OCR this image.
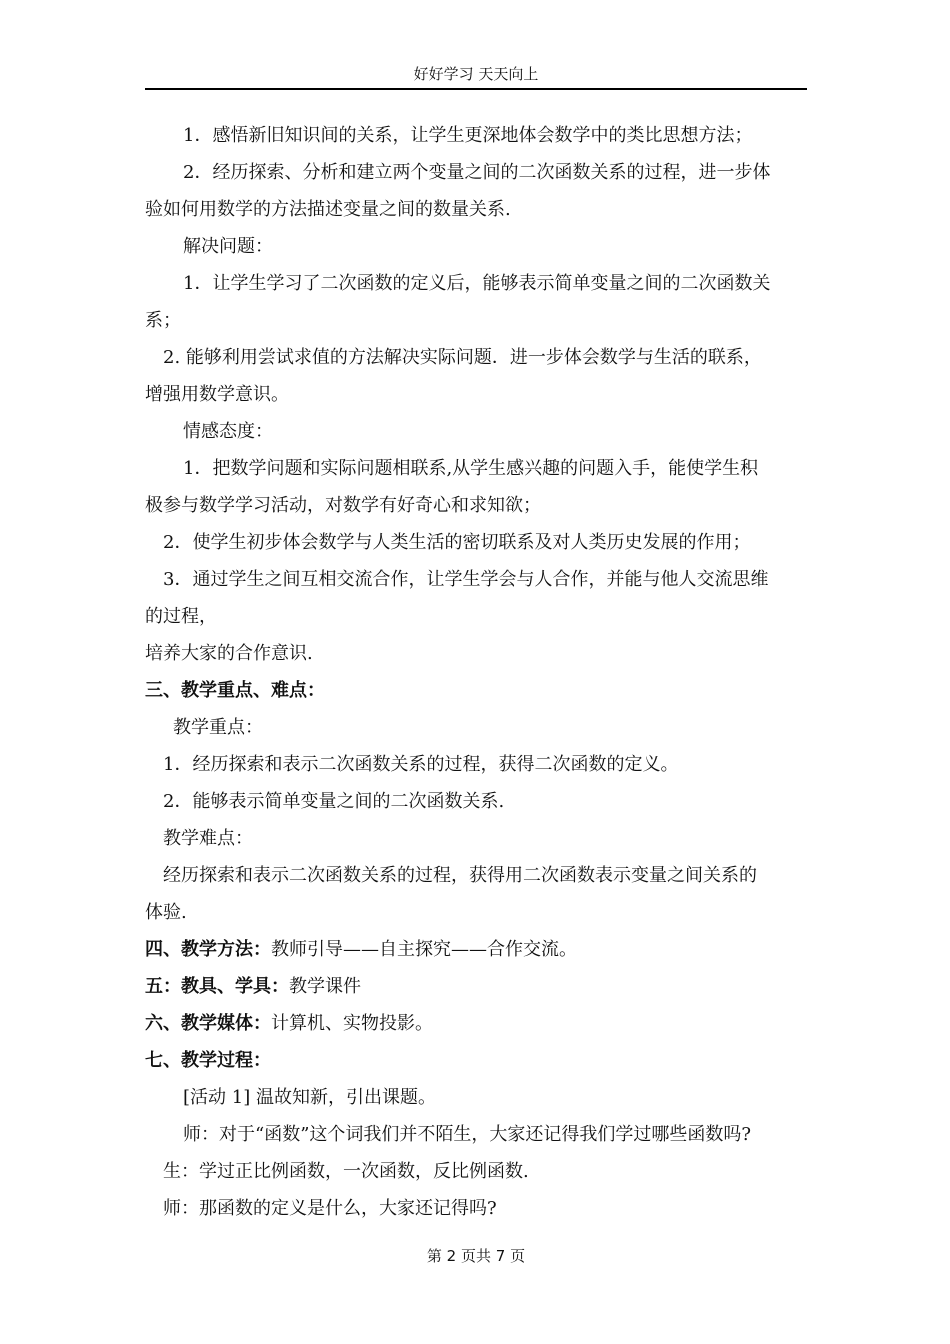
好好学习 天天向上
1．感悟新旧知识间的关系，让学生更深地体会数学中的类比思想方法；
2．经历探索、分析和建立两个变量之间的二次函数关系的过程，进一步体
验如何用数学的方法描述变量之间的数量关系.
解决问题：
1．让学生学习了二次函数的定义后，能够表示简单变量之间的二次函数关
系；
2. 能够利用尝试求值的方法解决实际问题．进一步体会数学与生活的联系，
增强用数学意识。
情感态度：
1．把数学问题和实际问题相联系,从学生感兴趣的问题入手，能使学生积
极参与数学学习活动，对数学有好奇心和求知欲；
2．使学生初步体会数学与人类生活的密切联系及对人类历史发展的作用；
3．通过学生之间互相交流合作，让学生学会与人合作，并能与他人交流思维
的过程，
培养大家的合作意识.
三、教学重点、难点：
教学重点：
1．经历探索和表示二次函数关系的过程，获得二次函数的定义。
2．能够表示简单变量之间的二次函数关系.
教学难点：
经历探索和表示二次函数关系的过程，获得用二次函数表示变量之间关系的
体验.
四、教学方法：教师引导——自主探究——合作交流。
五：教具、学具：教学课件
六、教学媒体：计算机、实物投影。
七、教学过程：
[活动 1] 温故知新，引出课题。
师：对于“函数”这个词我们并不陌生，大家还记得我们学过哪些函数吗?
生：学过正比例函数，一次函数，反比例函数.
师：那函数的定义是什么，大家还记得吗?
第 2 页共 7 页
